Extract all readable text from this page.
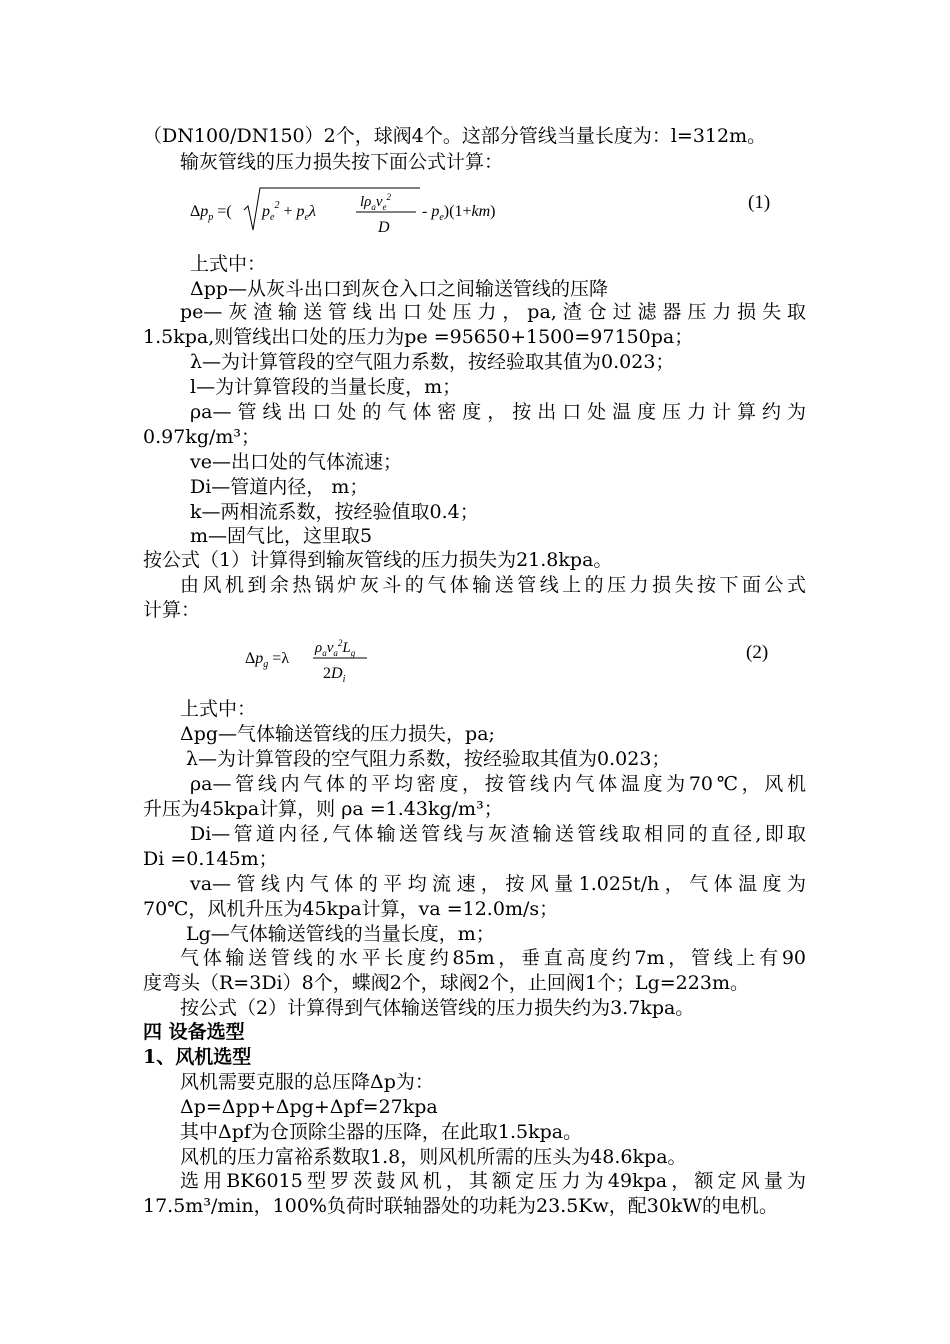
（DN100/DN150）2个，球阀4个。这部分管线当量长度为：l=312m。
输灰管线的压力损失按下面公式计算：
$\Delta p_p$ =( $p_e^2 + p_e\lambda$
$l\rho_av_e^2$
D
- $p_e)(1+km)$	(1)
上式中：
Δpp—从灰斗出口到灰仓入口之间输送管线的压降
pe—灰渣输送管线出口处压力，pa,渣仓过滤器压力损失取
1.5kpa,则管线出口处的压力为pe =95650+1500=97150pa；
λ—为计算管段的空气阻力系数，按经验取其值为0.023；
l—为计算管段的当量长度，m；
ρa—管线出口处的气体密度，按出口处温度压力计算约为
0.97kg/m³；
ve—出口处的气体流速；
Di—管道内径， m；
k—两相流系数，按经验值取0.4；
m—固气比，这里取5
按公式（1）计算得到输灰管线的压力损失为21.8kpa。
由风机到余热锅炉灰斗的气体输送管线上的压力损失按下面公式
计算：
$\Delta p_g =\lambda$
$\rho_av_a^2L_g$
$2D_i$
(2)
上式中：
Δpg—气体输送管线的压力损失，pa;
λ—为计算管段的空气阻力系数，按经验取其值为0.023；
ρa—管线内气体的平均密度，按管线内气体温度为70℃，风机
升压为45kpa计算，则 ρa =1.43kg/m³；
Di—管道内径,气体输送管线与灰渣输送管线取相同的直径,即取
Di =0.145m；
va—管线内气体的平均流速，按风量1.025t/h，气体温度为
70℃，风机升压为45kpa计算，va =12.0m/s；
Lg—气体输送管线的当量长度，m；
气体输送管线的水平长度约85m，垂直高度约7m，管线上有90
度弯头（R=3Di）8个，蝶阀2个，球阀2个，止回阀1个；Lg=223m。
按公式（2）计算得到气体输送管线的压力损失约为3.7kpa。
四 设备选型
1、风机选型
风机需要克服的总压降Δp为：
Δp=Δpp+Δpg+Δpf=27kpa
其中Δpf为仓顶除尘器的压降，在此取1.5kpa。
风机的压力富裕系数取1.8，则风机所需的压头为48.6kpa。
选用BK6015型罗茨鼓风机，其额定压力为49kpa，额定风量为
17.5m³/min，100%负荷时联轴器处的功耗为23.5Kw，配30kW的电机。
